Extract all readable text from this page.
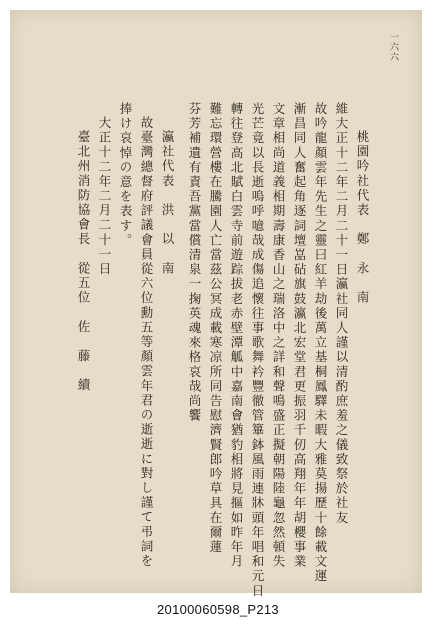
一六六
桃園吟社代表　鄭　永　南
維大正十二年二月二十一日瀛社同人謹以清酌庶羞之儀致祭於社友
故吟龍顏雲年先生之靈曰紅羊劫後萬立基桐鳳驛未暇大雅莫揚歷十餘載文運
漸昌同人奮起角逐詞壇嵓砧旗鼓瀛北宏堂君更振羽千仞高翔年年胡櫻事業
文章相尚道義相期壽康香山之瑞洛中之詳和聲鳴盛正擬朝陽陸龜忽然頓失
光芒竟以長逝嗚呼噫哉成傷追懷往事歌舞衿豐徹管篳鉢風雨連牀頭年唱和元日
轉往登高北賦白雲寺前遊踪拔老赤壁潭觚中嘉南會猶豹相將見摳如昨年月
難忘環營樓在騰園人亡當茲公冥成載寒凉所同告慰濟賢郎吟草具在爾蓮
芬芳補遺有責吾黨當償清泉一掬英魂來格哀哉尚饗
瀛社代表　洪　以　南
故臺灣總督府評議會員從六位勳五等顏雲年君の逝逝に對し謹て弔詞を
捧け哀悼の意を表す。
大正十二年二月二十一日
臺北州消防協會長　從五位　佐　藤　續
20100060598_P213
